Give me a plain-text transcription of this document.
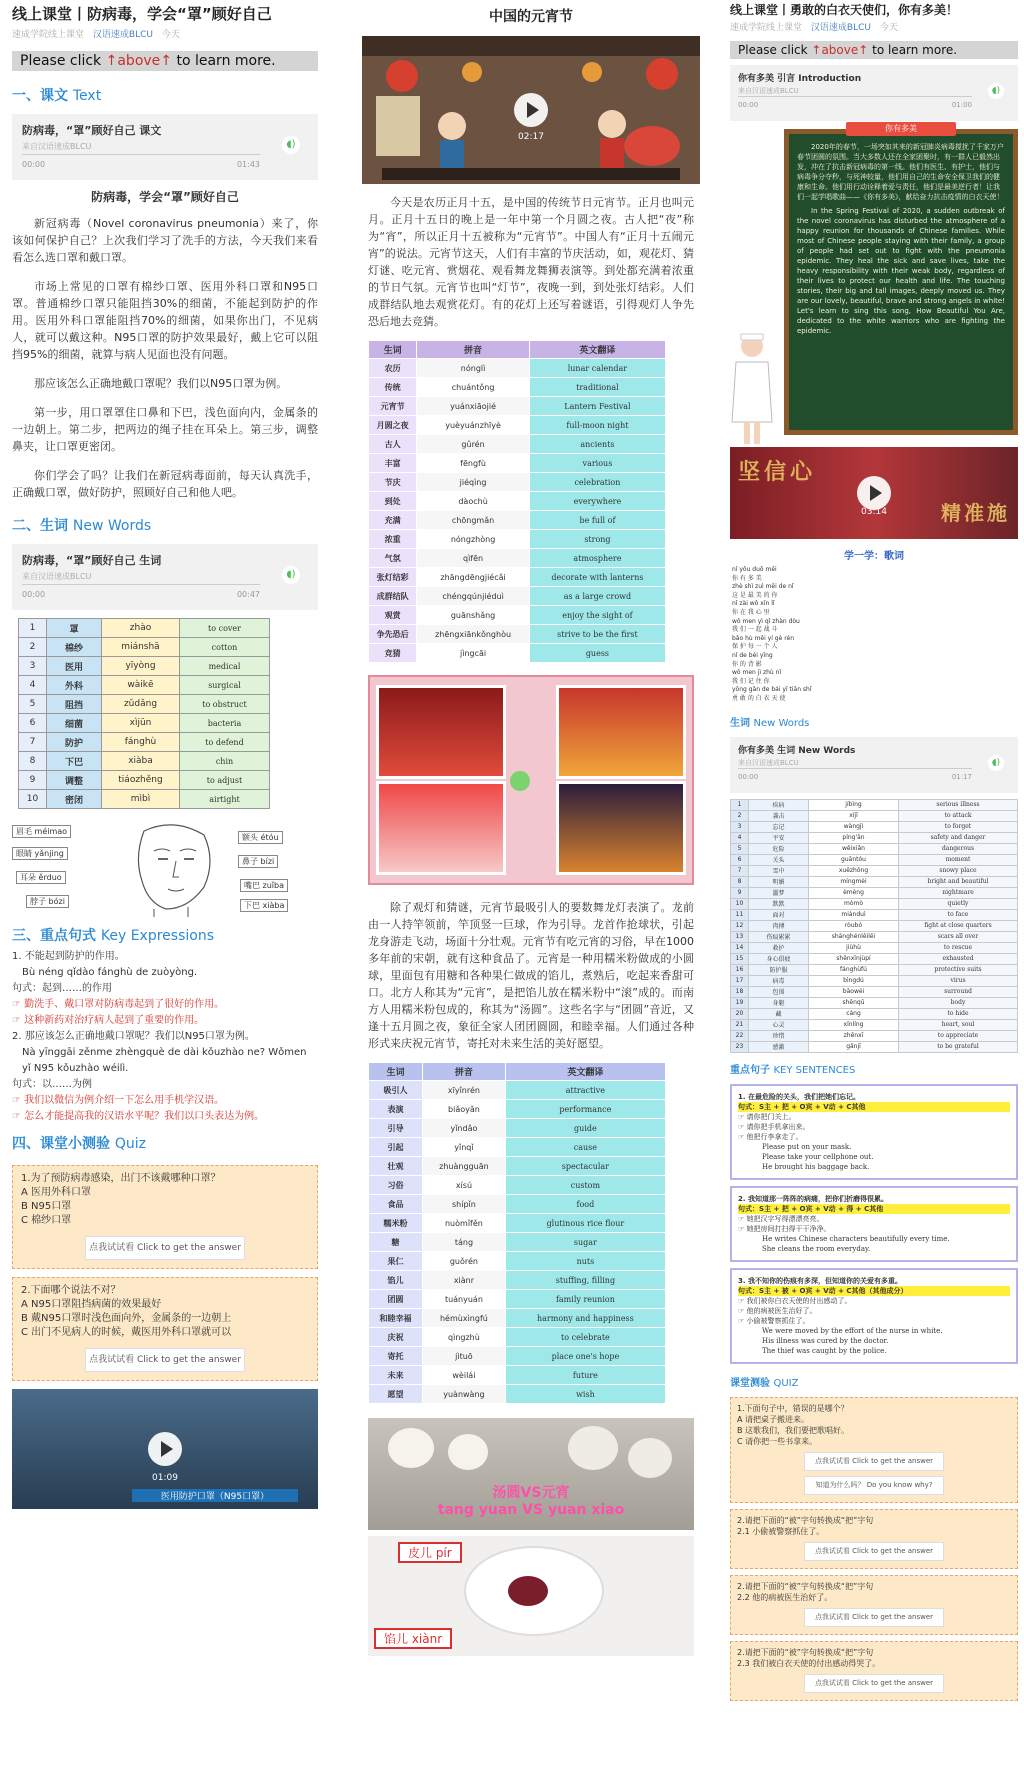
线上课堂丨防病毒，学会“罩”顾好自己
速成学院线上课堂 汉语速成BLCU 今天
Please click ↑above↑ to learn more.
一、课文 Text
防病毒，“罩”顾好自己 课文
来自汉语速成BLCU
00:00	01:43
◖)
防病毒，学会“罩”顾好自己
新冠病毒（Novel coronavirus pneumonia）来了，你该如何保护自己？上次我们学习了洗手的方法，今天我们来看看怎么选口罩和戴口罩。
市场上常见的口罩有棉纱口罩、医用外科口罩和N95口罩。普通棉纱口罩只能阻挡30%的细菌，不能起到防护的作用。医用外科口罩能阻挡70%的细菌，如果你出门，不见病人，就可以戴这种。N95口罩的防护效果最好，戴上它可以阻挡95%的细菌，就算与病人见面也没有问题。
那应该怎么正确地戴口罩呢？我们以N95口罩为例。
第一步，用口罩罩住口鼻和下巴，浅色面向内，金属条的一边朝上。第二步，把两边的绳子挂在耳朵上。第三步，调整鼻夹，让口罩更密闭。
你们学会了吗？让我们在新冠病毒面前，每天认真洗手，正确戴口罩，做好防护，照顾好自己和他人吧。
二、生词 New Words
防病毒，“罩”顾好自己 生词
来自汉语速成BLCU
00:00	00:47
◖)
1	罩	zhào	to cover
2	棉纱	miánshā	cotton
3	医用	yīyòng	medical
4	外科	wàikē	surgical
5	阻挡	zǔdǎng	to obstruct
6	细菌	xìjūn	bacteria
7	防护	fánghù	to defend
8	下巴	xiàba	chin
9	调整	tiáozhěng	to adjust
10	密闭	mìbì	airtight
眉毛 méimao
眼睛 yǎnjing
耳朵 ěrduo
脖子 bózi
额头 étóu
鼻子 bízi
嘴巴 zuǐba
下巴 xiàba
三、重点句式 Key Expressions
1. 不能起到防护的作用。
Bù néng qǐdào fánghù de zuòyòng.
句式：起到……的作用
☞ 勤洗手、戴口罩对防病毒起到了很好的作用。
☞ 这种新药对治疗病人起到了重要的作用。
2. 那应该怎么正确地戴口罩呢？我们以N95口罩为例。
Nà yīnggāi zěnme zhèngquè de dài kǒuzhào ne? Wǒmen yǐ N95 kǒuzhào wéilì.
句式：以……为例
☞ 我们以微信为例介绍一下怎么用手机学汉语。
☞ 怎么才能提高我的汉语水平呢？我们以口头表达为例。
四、课堂小测验 Quiz
1.为了预防病毒感染，出门不该戴哪种口罩？
A 医用外科口罩
B N95口罩
C 棉纱口罩
点我试试看 Click to get the answer
2.下面哪个说法不对？
A N95口罩阻挡病菌的效果最好
B 戴N95口罩时浅色面向外，金属条的一边朝上
C 出门不见病人的时候，戴医用外科口罩就可以
点我试试看 Click to get the answer
01:09
医用防护口罩（N95口罩）
中国的元宵节
02:17
今天是农历正月十五，是中国的传统节日元宵节。正月也叫元月。正月十五日的晚上是一年中第一个月圆之夜。古人把“夜”称为“宵”，所以正月十五被称为“元宵节”。中国人有“正月十五闹元宵”的说法。元宵节这天，人们有丰富的节庆活动，如，观花灯、猜灯谜、吃元宵、赏烟花、观看舞龙舞狮表演等。到处都充满着浓重的节日气氛。元宵节也叫“灯节”，夜晚一到，到处张灯结彩。人们成群结队地去观赏花灯。有的花灯上还写着谜语，引得观灯人争先恐后地去竞猜。
生词	拼音	英文翻译
农历	nónglì	lunar calendar
传统	chuántǒng	traditional
元宵节	yuánxiāojié	Lantern Festival
月圆之夜	yuèyuánzhīyè	full-moon night
古人	gǔrén	ancients
丰富	fēngfù	various
节庆	jiéqìng	celebration
到处	dàochù	everywhere
充满	chōngmǎn	be full of
浓重	nóngzhòng	strong
气氛	qìfēn	atmosphere
张灯结彩	zhāngdēngjiécǎi	decorate with lanterns
成群结队	chéngqúnjiéduì	as a large crowd
观赏	guānshǎng	enjoy the sight of
争先恐后	zhēngxiānkǒnghòu	strive to be the first
竞猜	jìngcāi	guess
除了观灯和猜谜，元宵节最吸引人的要数舞龙灯表演了。龙前由一人持竿领前，竿顶竖一巨球，作为引导。龙首作抢球状，引起龙身游走飞动，场面十分壮观。元宵节有吃元宵的习俗，早在1000多年前的宋朝，就有这种食品了。元宵是一种用糯米粉做成的小圆球，里面包有用糖和各种果仁做成的馅儿，煮熟后，吃起来香甜可口。北方人称其为“元宵”，是把馅儿放在糯米粉中“滚”成的。而南方人用糯米粉包成的，称其为“汤圆”。这些名字与“团圆”音近，又逢十五月圆之夜，象征全家人团团圆圆，和睦幸福。人们通过各种形式来庆祝元宵节，寄托对未来生活的美好愿望。
生词	拼音	英文翻译
吸引人	xīyǐnrén	attractive
表演	biǎoyǎn	performance
引导	yǐndǎo	guide
引起	yǐnqǐ	cause
壮观	zhuàngguān	spectacular
习俗	xísú	custom
食品	shípǐn	food
糯米粉	nuòmǐfěn	glutinous rice flour
糖	táng	sugar
果仁	guǒrén	nuts
馅儿	xiànr	stuffing, filling
团圆	tuányuán	family reunion
和睦幸福	hémùxìngfú	harmony and happiness
庆祝	qìngzhù	to celebrate
寄托	jìtuō	place one's hope
未来	wèilái	future
愿望	yuànwàng	wish
汤圆VS元宵
tang yuan VS yuan xiao
皮儿 pír
馅儿 xiànr
线上课堂丨勇敢的白衣天使们，你有多美！
速成学院线上课堂 汉语速成BLCU 今天
Please click ↑above↑ to learn more.
你有多美 引言 Introduction
来自汉语速成BLCU
00:00	01:00
◖)
你有多美
2020年的春节，一场突如其来的新冠肺炎病毒搅扰了千家万户春节团圆的氛围。当大多数人还在全家团聚时，有一群人已毅然出发，冲在了抗击新冠病毒的第一线。他们有医生、有护士，他们与病毒争分夺秒，与死神较量，他们用自己的生命安全保卫我们的健康和生命。他们用行动诠释着爱与责任，他们是最美逆行者！让我们一起学唱歌曲——《你有多美》，献给奋力抗击疫情的白衣天使！
In the Spring Festival of 2020, a sudden outbreak of the novel coronavirus has disturbed the atmosphere of a happy reunion for thousands of Chinese families. While most of Chinese people staying with their family, a group of people had set out to fight with the pneumonia epidemic. They heal the sick and save lives, take the heavy responsibility with their weak body, regardless of their lives to protect our health and life. The touching stories, their big and tall images, deeply moved us. They are our lovely, beautiful, brave and strong angels in white! Let's learn to sing this song, How Beautiful You Are, dedicated to the white warriors who are fighting the epidemic.
坚信心
精准施
03:14
学一学：歌词
nǐ yǒu duō měi
你 有 多 美
zhè shì zuì měi de nǐ
这 是 最 美 的 你
nǐ zài wǒ xīn lǐ
你 在 我 心 里
wǒ men yì qǐ zhàn dòu
我 们 一 起 战 斗
bǎo hù měi yí gè rén
保 护 每 一 个 人
nǐ de bèi yǐng
你 的 背 影
wǒ men jì zhù nǐ
我 们 记 住 你
yǒng gǎn de bái yī tiān shǐ
勇 敢 的 白 衣 天 使
生词 New Words
你有多美 生词 New Words
来自汉语速成BLCU
00:00	01:17
◖)
1	疾病	jíbìng	serious illness
2	袭击	xíjī	to attack
3	忘记	wàngjì	to forget
4	平安	píng'ān	safety and danger
5	危险	wēixiǎn	dangerous
6	关头	guāntóu	moment
7	雪中	xuězhōng	snowy place
8	明媚	míngmèi	bright and beautiful
9	噩梦	èmèng	nightmare
10	默默	mòmò	quietly
11	面对	miànduì	to face
12	肉搏	ròubó	fight at close quarters
13	伤痕累累	shānghénlěilěi	scars all over
14	救护	jiùhù	to rescue
15	身心俱疲	shēnxīnjùpí	exhausted
16	防护服	fánghùfú	protective suits
17	病毒	bìngdú	virus
18	包围	bāowéi	surround
19	身躯	shēnqū	body
20	藏	cáng	to hide
21	心灵	xīnlíng	heart, soul
22	珍惜	zhēnxī	to appreciate
23	感激	gǎnjī	to be grateful
重点句子 KEY SENTENCES
1. 在最危险的关头，我们把她们忘记。
句式：S主 + 把 + O宾 + V动 + C其他
☞ 请你把门关上。
☞ 请你把手机拿出来。
☞ 他把行李拿走了。
Please put on your mask.
Please take your cellphone out.
He brought his baggage back.
2. 我知道那一阵阵的病痛，把你们折磨得很累。
句式：S主 + 把 + O宾 + V动 + 得 + C其他
☞ 她把汉字写得漂漂亮亮。
☞ 她把房间打扫得干干净净。
He writes Chinese characters beautifully every time.
She cleans the room everyday.
3. 我不知你的伤痕有多深，但知道你的关爱有多重。
句式：S主 + 被 + O宾 + V动 + C其他（其他成分）
☞ 我们被你白衣天使的付出感动了。
☞ 他的病被医生治好了。
☞ 小偷被警察抓住了。
We were moved by the effort of the nurse in white.
His illness was cured by the doctor.
The thief was caught by the police.
课堂测验 QUIZ
1.下面句子中，错误的是哪个？
A 请把桌子搬进来。
B 这歌我们，我们要把歌唱好。
C 请你把一些书拿来。
点我试试看 Click to get the answer
知道为什么吗？ Do you know why?
2.请把下面的“被”字句转换成“把”字句
2.1 小偷被警察抓住了。
点我试试看 Click to get the answer
2.请把下面的“被”字句转换成“把”字句
2.2 他的病被医生治好了。
点我试试看 Click to get the answer
2.请把下面的“被”字句转换成“把”字句
2.3 我们被白衣天使的付出感动得哭了。
点我试试看 Click to get the answer
